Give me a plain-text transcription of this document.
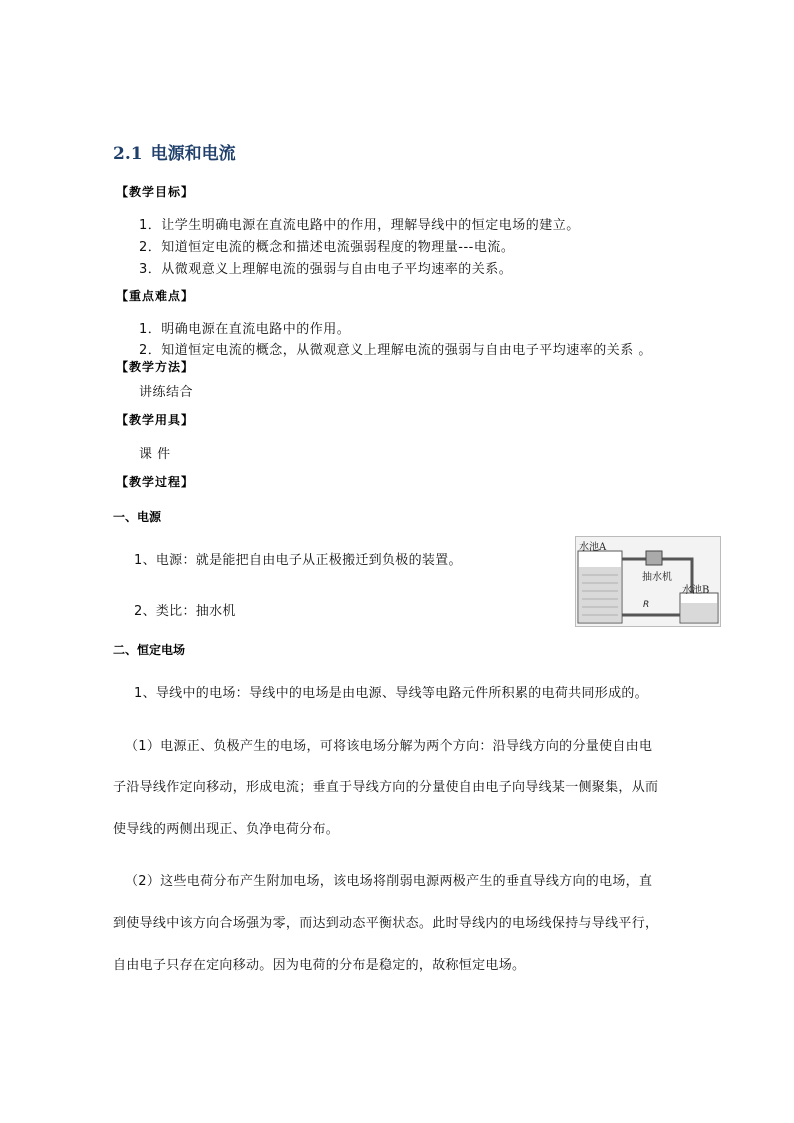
2.1 电源和电流
【教学目标】
1．让学生明确电源在直流电路中的作用，理解导线中的恒定电场的建立。
2．知道恒定电流的概念和描述电流强弱程度的物理量---电流。
3．从微观意义上理解电流的强弱与自由电子平均速率的关系。
【重点难点】
1．明确电源在直流电路中的作用。
2．知道恒定电流的概念，从微观意义上理解电流的强弱与自由电子平均速率的关系 。
【教学方法】
讲练结合
【教学用具】
课 件
【教学过程】
一、电源
1、电源：就是能把自由电子从正极搬迁到负极的装置。
2、类比：抽水机
水池A
抽水机
水池B
R
二、恒定电场
1、导线中的电场：导线中的电场是由电源、导线等电路元件所积累的电荷共同形成的。
（1）电源正、负极产生的电场，可将该电场分解为两个方向：沿导线方向的分量使自由电
子沿导线作定向移动，形成电流；垂直于导线方向的分量使自由电子向导线某一侧聚集，从而
使导线的两侧出现正、负净电荷分布。
（2）这些电荷分布产生附加电场，该电场将削弱电源两极产生的垂直导线方向的电场，直
到使导线中该方向合场强为零，而达到动态平衡状态。此时导线内的电场线保持与导线平行，
自由电子只存在定向移动。因为电荷的分布是稳定的，故称恒定电场。
